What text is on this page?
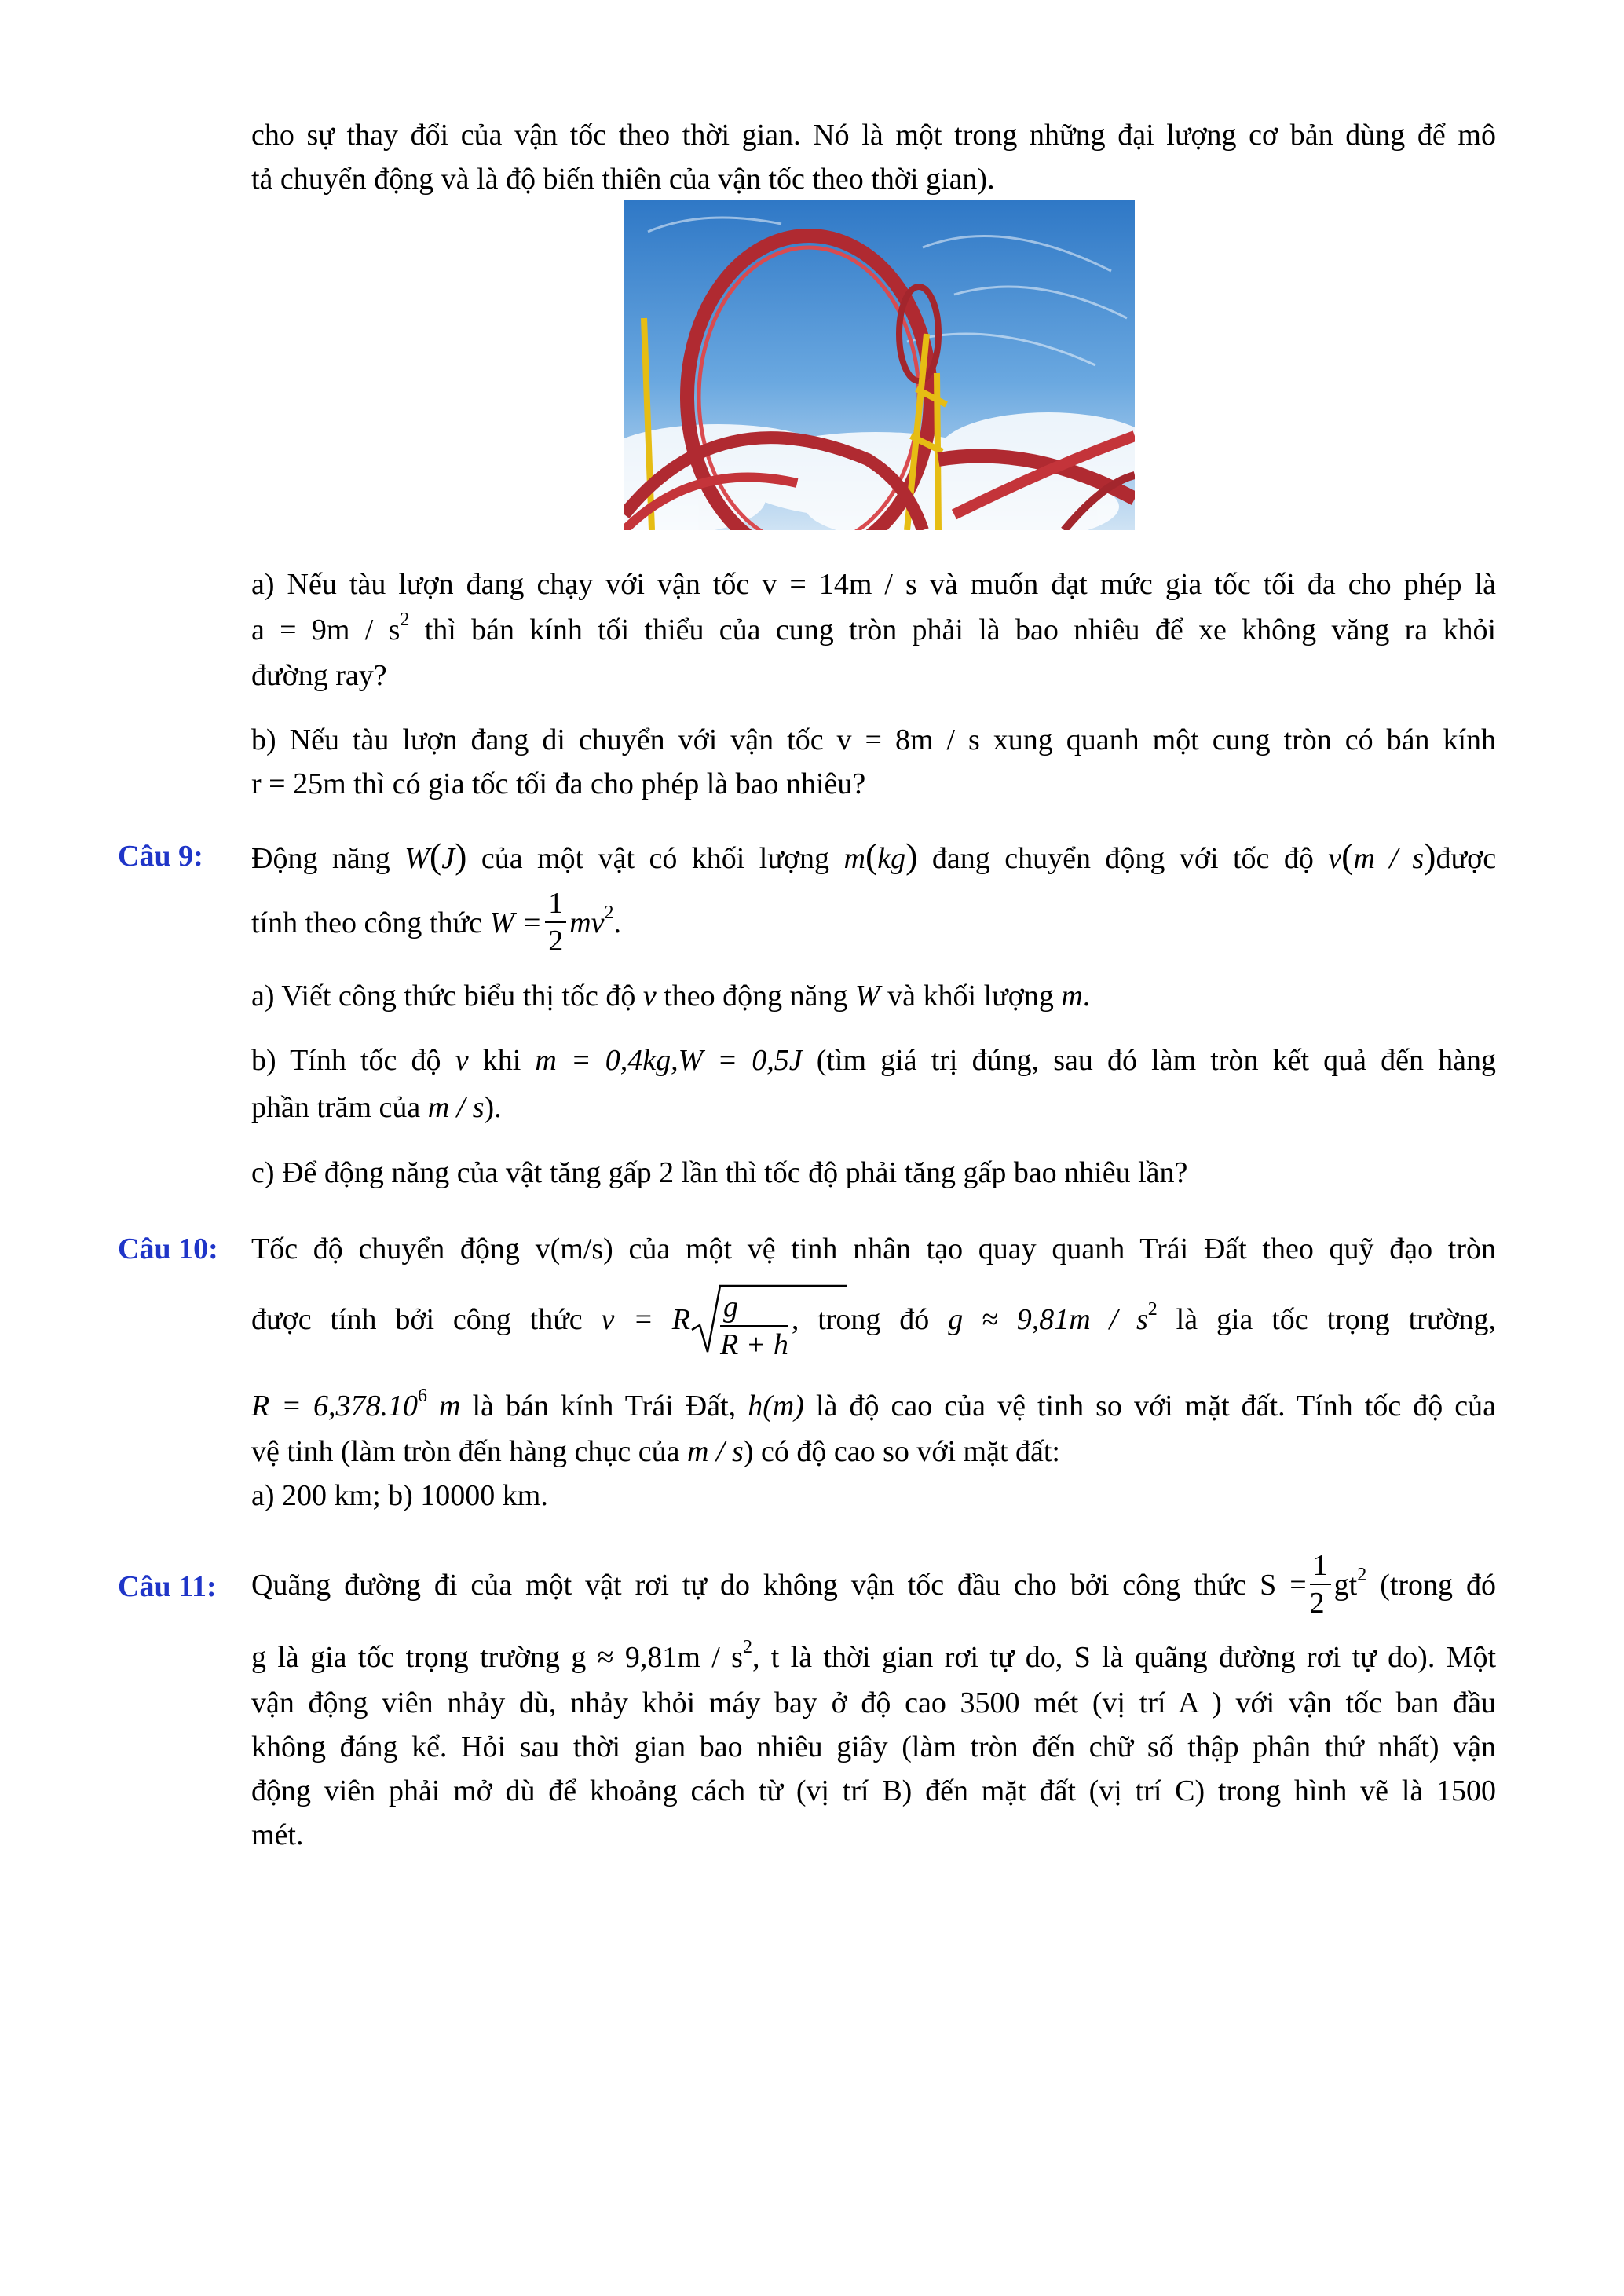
cho sự thay đổi của vận tốc theo thời gian. Nó là một trong những đại lượng cơ bản dùng để mô
tả chuyển động và là độ biến thiên của vận tốc theo thời gian).
a) Nếu tàu lượn đang chạy với vận tốc v = 14m / s và muốn đạt mức gia tốc tối đa cho phép là
$a = 9m / s^2$ thì bán kính tối thiểu của cung tròn phải là bao nhiêu để xe không văng ra khỏi
đường ray?
b) Nếu tàu lượn đang di chuyển với vận tốc v = 8m / s xung quanh một cung tròn có bán kính
r = 25m thì có gia tốc tối đa cho phép là bao nhiêu?
Câu 9: Động năng W(J) của một vật có khối lượng m(kg) đang chuyển động với tốc độ v(m / s)được
tính theo công thức $W = \frac{1}{2} mv^2$.
a) Viết công thức biểu thị tốc độ v theo động năng W và khối lượng m.
b) Tính tốc độ v khi m = 0,4kg,W = 0,5J (tìm giá trị đúng, sau đó làm tròn kết quả đến hàng
phần trăm của m / s).
c) Để động năng của vật tăng gấp 2 lần thì tốc độ phải tăng gấp bao nhiêu lần?
Câu 10: Tốc độ chuyển động v(m/s) của một vệ tinh nhân tạo quay quanh Trái Đất theo quỹ đạo tròn
được tính bởi công thức v = R $\frac{g}{R + h}$ , trong đó $g \approx 9,81m / s^2$ là gia tốc trọng trường,
$R = 6,378.10^6$ m là bán kính Trái Đất, h(m) là độ cao của vệ tinh so với mặt đất. Tính tốc độ của
vệ tinh (làm tròn đến hàng chục của m / s) có độ cao so với mặt đất:
a) 200 km; b) 10000 km.
Câu 11: Quãng đường đi của một vật rơi tự do không vận tốc đầu cho bởi công thức $S = \frac{1}{2} gt^2$ (trong đó
g là gia tốc trọng trường $g \approx 9,81m / s^2$, t là thời gian rơi tự do, S là quãng đường rơi tự do). Một
vận động viên nhảy dù, nhảy khỏi máy bay ở độ cao 3500 mét (vị trí A ) với vận tốc ban đầu
không đáng kể. Hỏi sau thời gian bao nhiêu giây (làm tròn đến chữ số thập phân thứ nhất) vận
động viên phải mở dù để khoảng cách từ (vị trí B) đến mặt đất (vị trí C) trong hình vẽ là 1500
mét.
